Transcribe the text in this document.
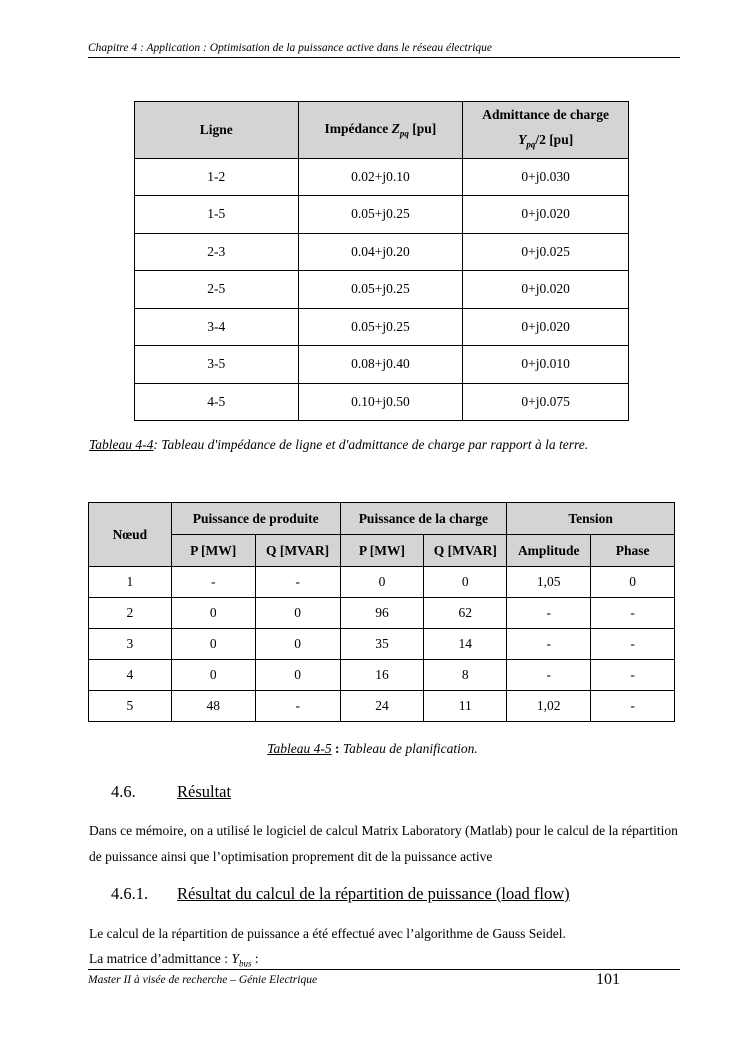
Chapitre 4 : Application : Optimisation de la puissance active dans le réseau électrique
Ligne	Impédance $Z_{pq}$ [pu]	Admittance de charge
$Y_{pq}/2$ [pu]
1-2	0.02+j0.10	0+j0.030
1-5	0.05+j0.25	0+j0.020
2-3	0.04+j0.20	0+j0.025
2-5	0.05+j0.25	0+j0.020
3-4	0.05+j0.25	0+j0.020
3-5	0.08+j0.40	0+j0.010
4-5	0.10+j0.50	0+j0.075
Tableau 4-4: Tableau d'impédance de ligne et d'admittance de charge par rapport à la terre.
Nœud	Puissance de produite		Puissance de la charge		Tension	
	P [MW]	Q [MVAR]	P [MW]	Q [MVAR]	Amplitude	Phase
1	-	-	0	0	1,05	0
2	0	0	96	62	-	-
3	0	0	35	14	-	-
4	0	0	16	8	-	-
5	48	-	24	11	1,02	-
Tableau 4-5 : Tableau de planification.
4.6.	Résultat
Dans ce mémoire, on a utilisé le logiciel de calcul Matrix Laboratory (Matlab) pour le calcul de la répartition de puissance ainsi que l’optimisation proprement dit de la puissance active
4.6.1. Résultat du calcul de la répartition de puissance (load flow)
Le calcul de la répartition de puissance a été effectué avec l’algorithme de Gauss Seidel.
La matrice d’admittance : $Y_{bus}$ :
Master II à visée de recherche – Génie Electrique	101
